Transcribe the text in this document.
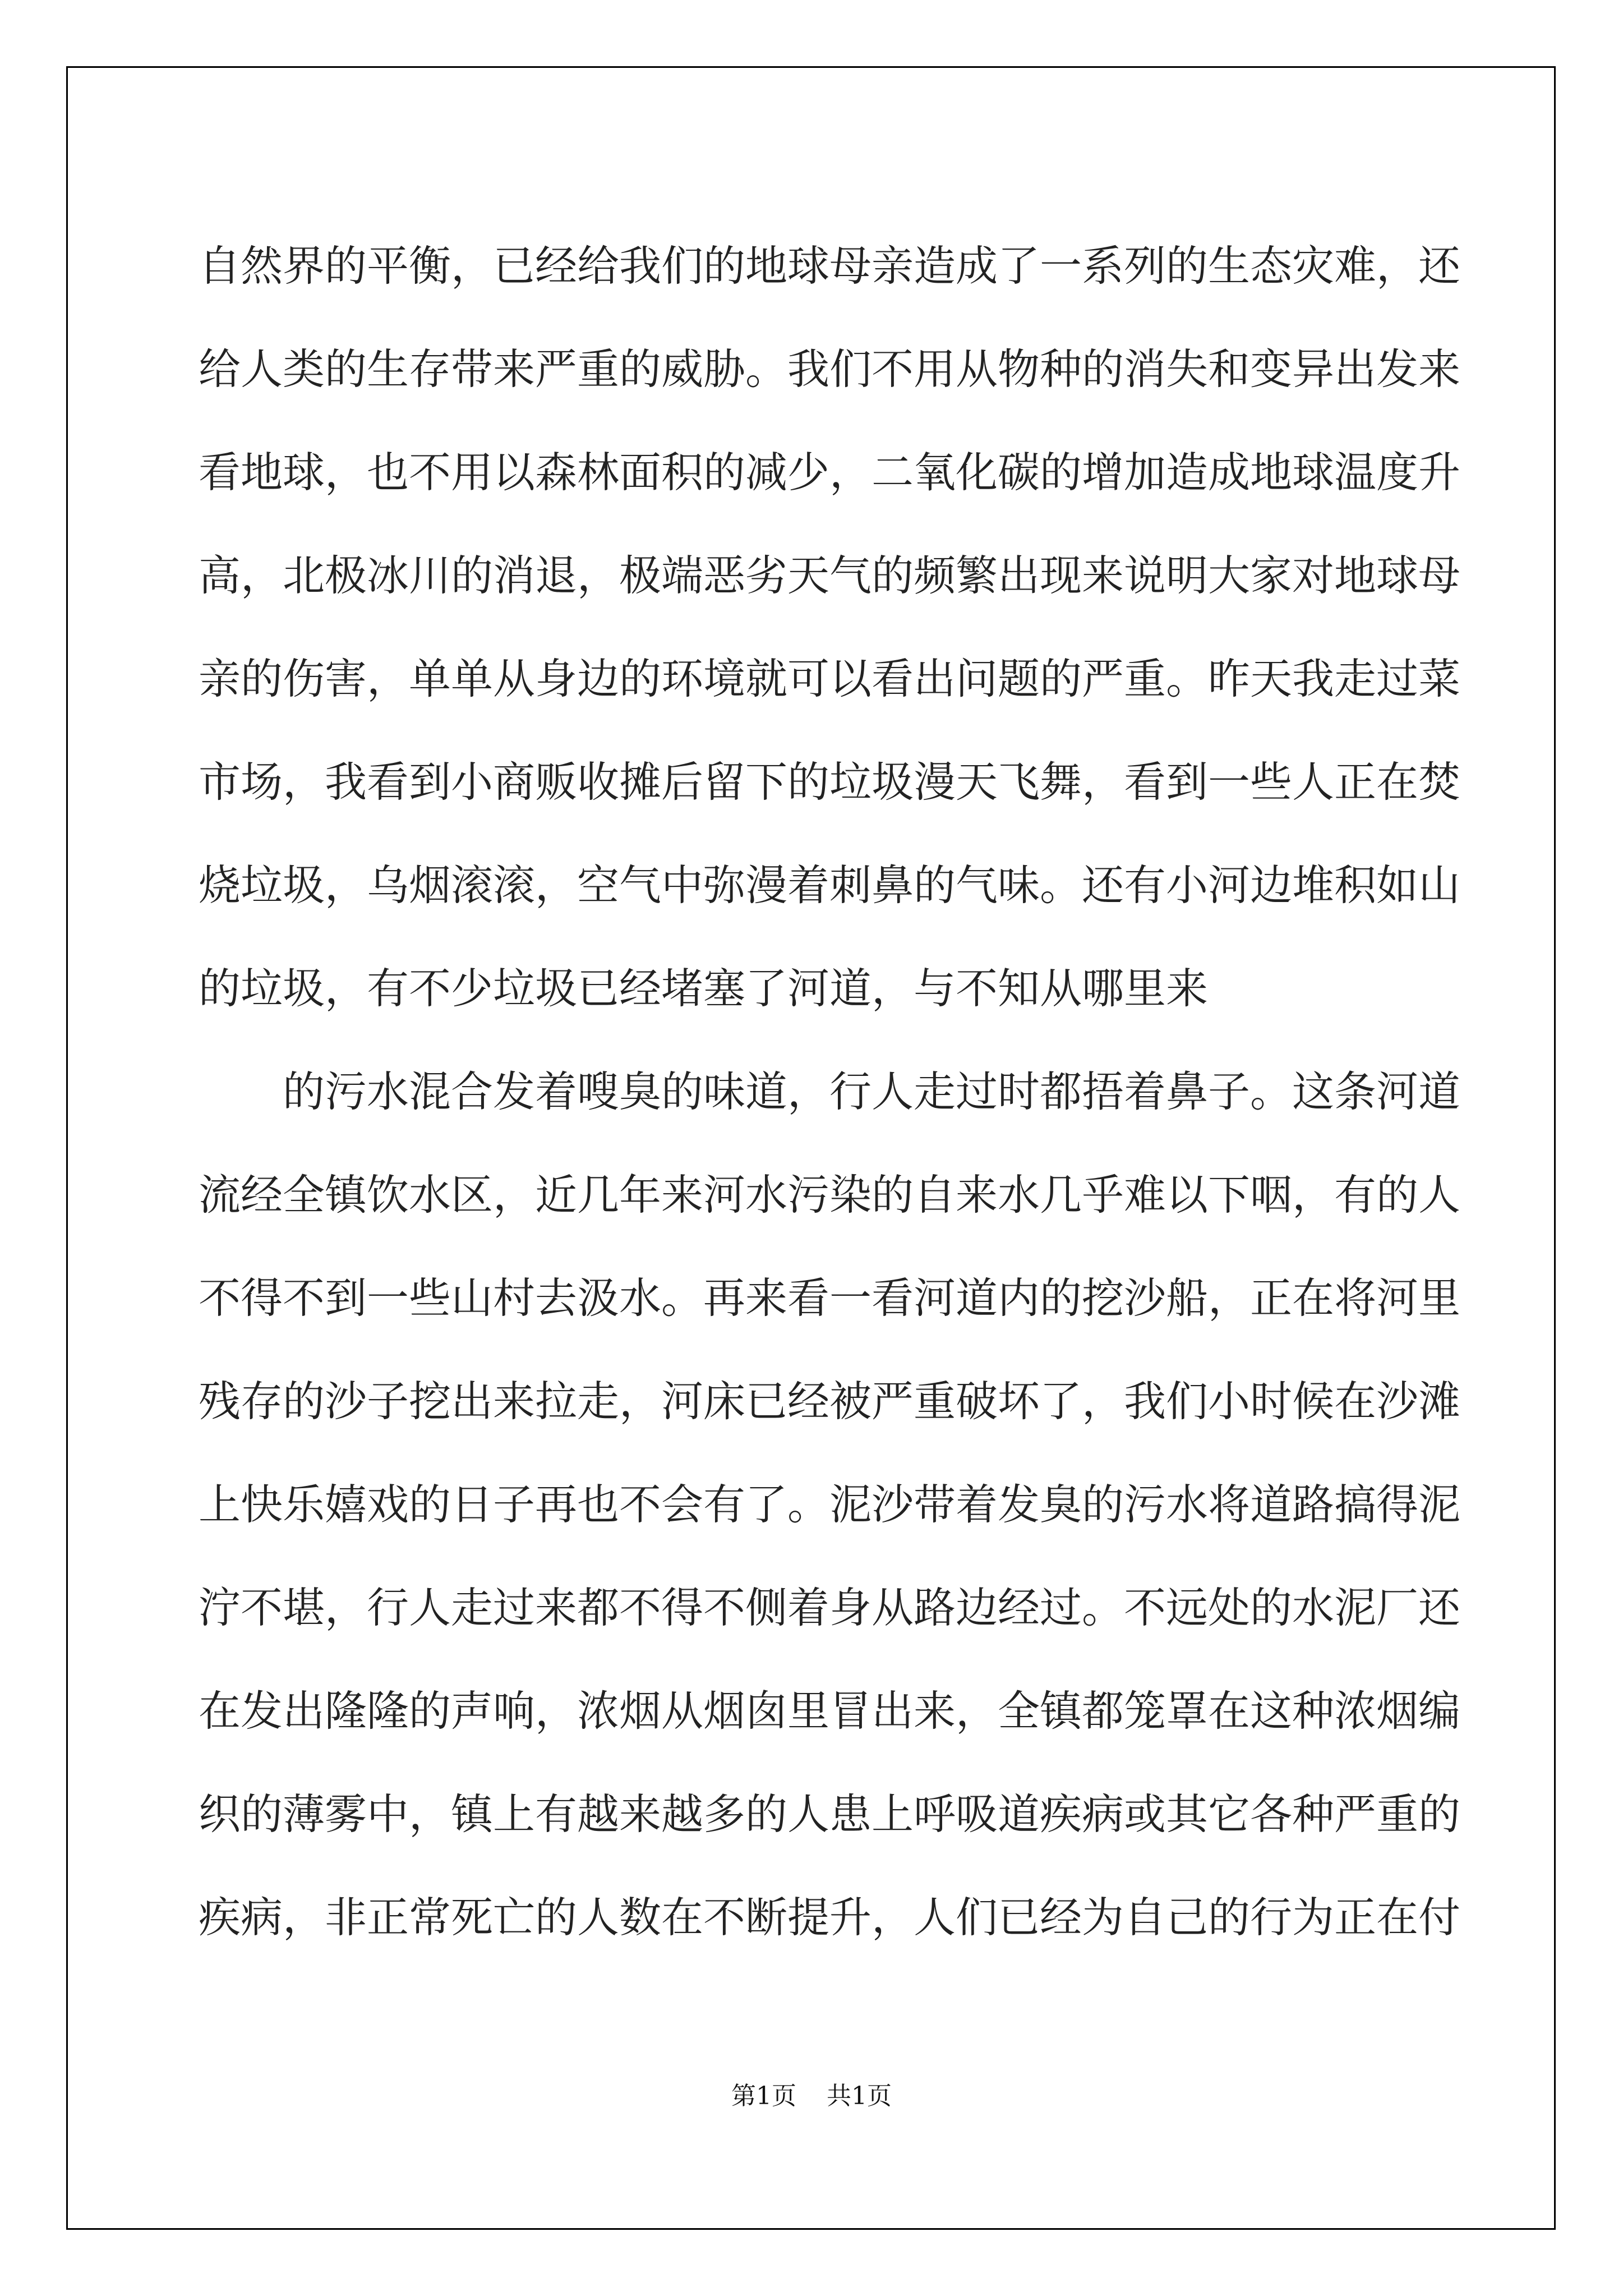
自然界的平衡，已经给我们的地球母亲造成了一系列的生态灾难，还
给人类的生存带来严重的威胁。我们不用从物种的消失和变异出发来
看地球，也不用以森林面积的减少，二氧化碳的增加造成地球温度升
高，北极冰川的消退，极端恶劣天气的频繁出现来说明大家对地球母
亲的伤害，单单从身边的环境就可以看出问题的严重。昨天我走过菜
市场，我看到小商贩收摊后留下的垃圾漫天飞舞，看到一些人正在焚
烧垃圾，乌烟滚滚，空气中弥漫着刺鼻的气味。还有小河边堆积如山
的垃圾，有不少垃圾已经堵塞了河道，与不知从哪里来
的污水混合发着嗖臭的味道，行人走过时都捂着鼻子。这条河道
流经全镇饮水区，近几年来河水污染的自来水几乎难以下咽，有的人
不得不到一些山村去汲水。再来看一看河道内的挖沙船，正在将河里
残存的沙子挖出来拉走，河床已经被严重破坏了，我们小时候在沙滩
上快乐嬉戏的日子再也不会有了。泥沙带着发臭的污水将道路搞得泥
泞不堪，行人走过来都不得不侧着身从路边经过。不远处的水泥厂还
在发出隆隆的声响，浓烟从烟囱里冒出来，全镇都笼罩在这种浓烟编
织的薄雾中，镇上有越来越多的人患上呼吸道疾病或其它各种严重的
疾病，非正常死亡的人数在不断提升，人们已经为自己的行为正在付
第1页 共1页
